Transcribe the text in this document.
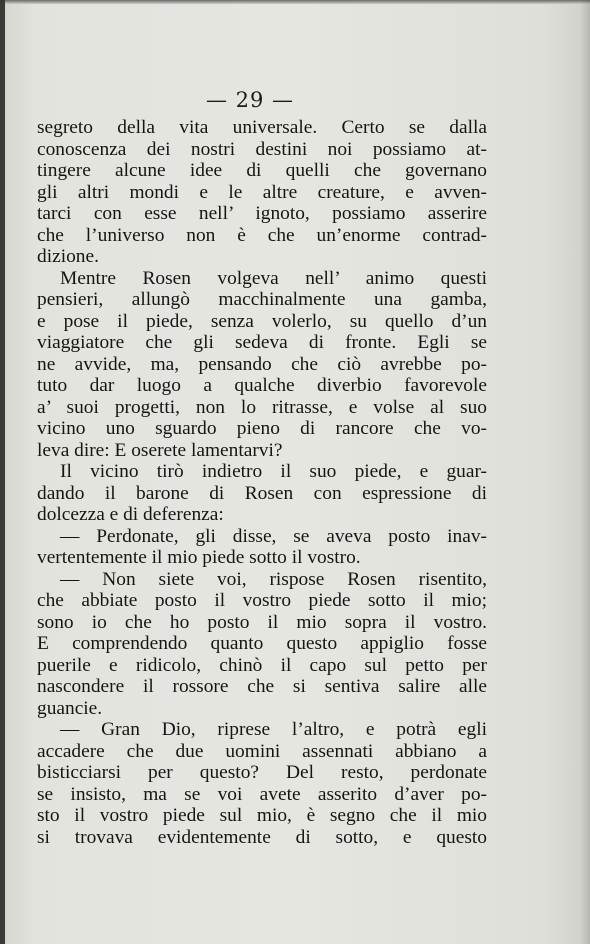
— 29 —
segreto della vita universale. Certo se dalla
conoscenza dei nostri destini noi possiamo at-
tingere alcune idee di quelli che governano
gli altri mondi e le altre creature, e avven-
tarci con esse nell’ ignoto, possiamo asserire
che l’universo non è che un’enorme contrad-
dizione.
Mentre Rosen volgeva nell’ animo questi
pensieri, allungò macchinalmente una gamba,
e pose il piede, senza volerlo, su quello d’un
viaggiatore che gli sedeva di fronte. Egli se
ne avvide, ma, pensando che ciò avrebbe po-
tuto dar luogo a qualche diverbio favorevole
a’ suoi progetti, non lo ritrasse, e volse al suo
vicino uno sguardo pieno di rancore che vo-
leva dire: E oserete lamentarvi?
Il vicino tirò indietro il suo piede, e guar-
dando il barone di Rosen con espressione di
dolcezza e di deferenza:
— Perdonate, gli disse, se aveva posto inav-
vertentemente il mio piede sotto il vostro.
— Non siete voi, rispose Rosen risentito,
che abbiate posto il vostro piede sotto il mio;
sono io che ho posto il mio sopra il vostro.
E comprendendo quanto questo appiglio fosse
puerile e ridicolo, chinò il capo sul petto per
nascondere il rossore che si sentiva salire alle
guancie.
— Gran Dio, riprese l’altro, e potrà egli
accadere che due uomini assennati abbiano a
bisticciarsi per questo? Del resto, perdonate
se insisto, ma se voi avete asserito d’aver po-
sto il vostro piede sul mio, è segno che il mio
si trovava evidentemente di sotto, e questo
